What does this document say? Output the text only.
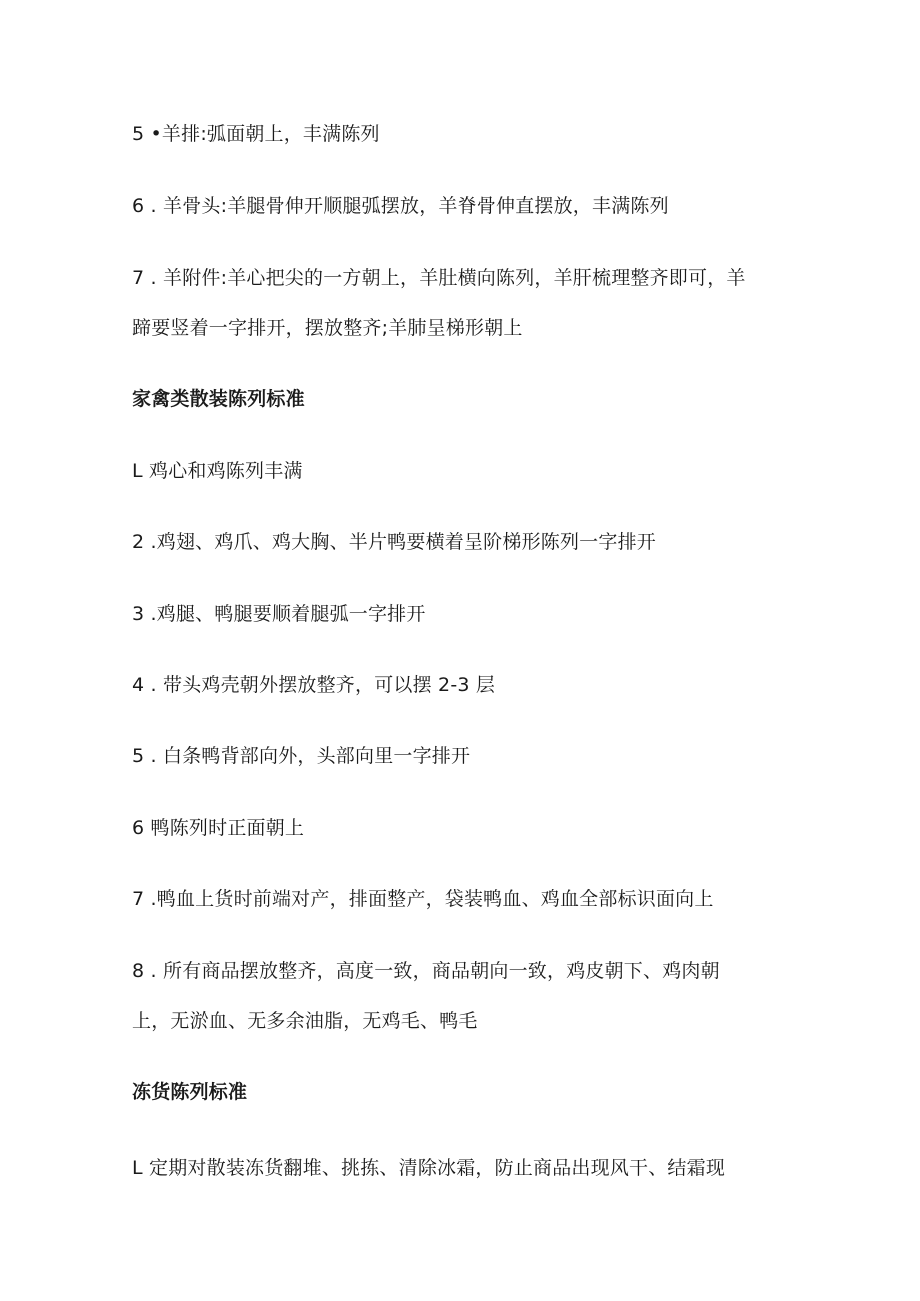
5 •羊排:弧面朝上，丰满陈列
6 . 羊骨头:羊腿骨伸开顺腿弧摆放，羊脊骨伸直摆放，丰满陈列
7 . 羊附件:羊心把尖的一方朝上，羊肚横向陈列，羊肝梳理整齐即可，羊
蹄要竖着一字排开，摆放整齐;羊肺呈梯形朝上
家禽类散装陈列标准
L 鸡心和鸡陈列丰满
2 .鸡翅、鸡爪、鸡大胸、半片鸭要横着呈阶梯形陈列一字排开
3 .鸡腿、鸭腿要顺着腿弧一字排开
4 . 带头鸡壳朝外摆放整齐，可以摆 2-3 层
5 . 白条鸭背部向外，头部向里一字排开
6 鸭陈列时正面朝上
7 .鸭血上货时前端对产，排面整产，袋装鸭血、鸡血全部标识面向上
8 . 所有商品摆放整齐，高度一致，商品朝向一致，鸡皮朝下、鸡肉朝
上，无淤血、无多余油脂，无鸡毛、鸭毛
冻货陈列标准
L 定期对散装冻货翻堆、挑拣、清除冰霜，防止商品出现风干、结霜现
